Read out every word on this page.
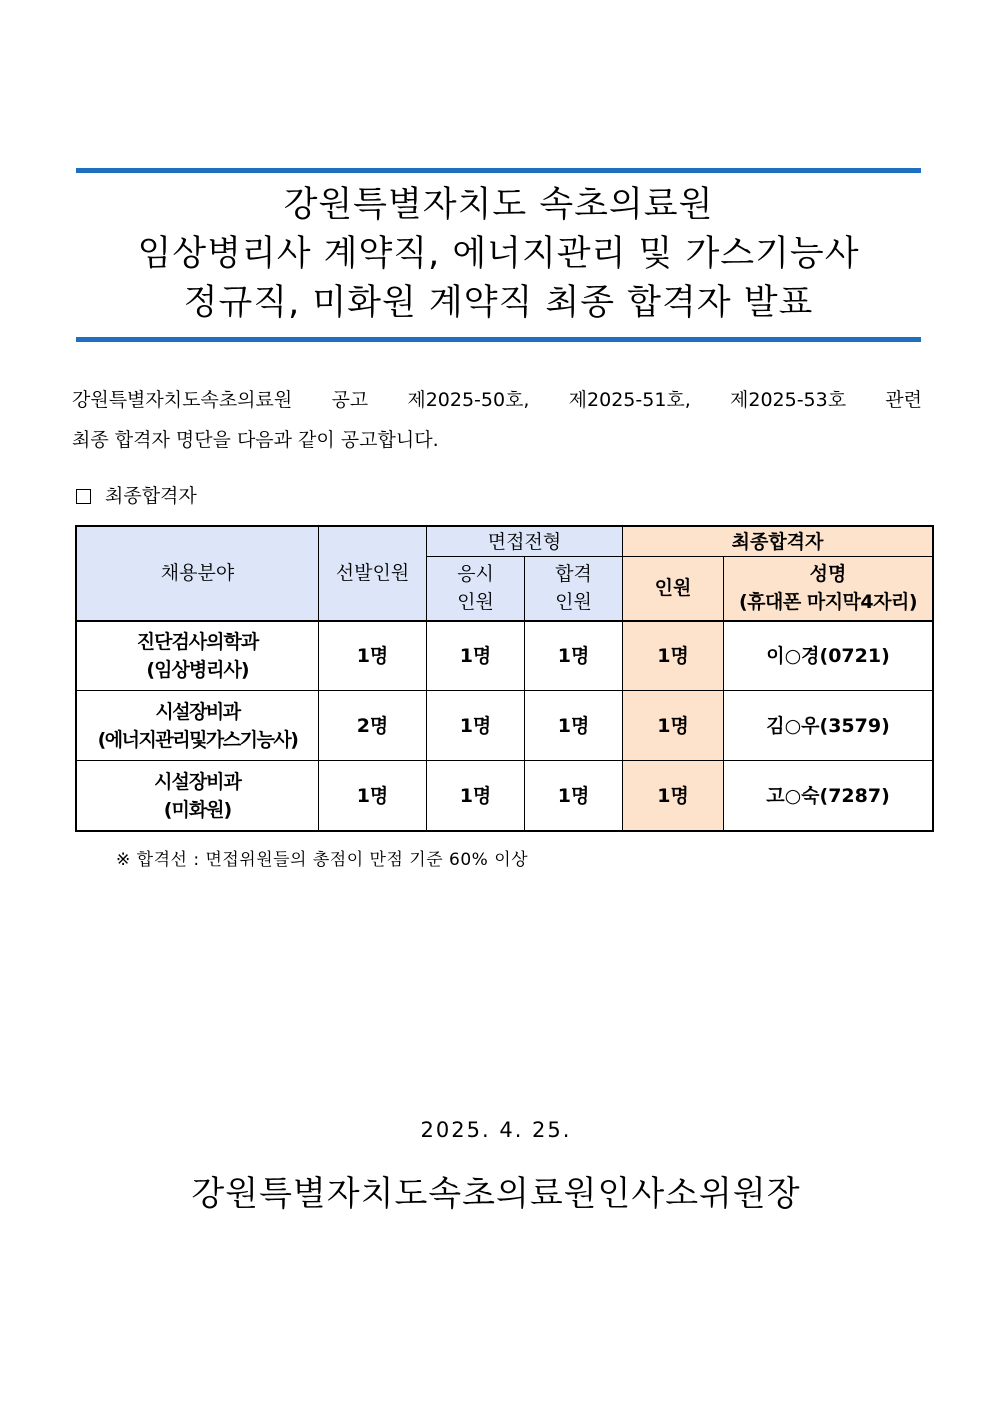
강원특별자치도 속초의료원
임상병리사 계약직, 에너지관리 및 가스기능사
정규직, 미화원 계약직 최종 합격자 발표
강원특별자치도속초의료원 공고 제2025-50호, 제2025-51호, 제2025-53호 관련
최종 합격자 명단을 다음과 같이 공고합니다.
최종합격자
채용분야	선발인원	면접전형		최종합격자	
		응시 인원	합격 인원	인원	성명
(휴대폰 마지막4자리)

진단검사의학과
(임상병리사)	1명	1명	1명	1명	이○경(0721)

시설장비과
(에너지관리및가스기능사)	2명	1명	1명	1명	김○우(3579)

시설장비과
(미화원)	1명	1명	1명	1명	고○숙(7287)
※ 합격선 : 면접위원들의 총점이 만점 기준 60% 이상
2025. 4. 25.
강원특별자치도속초의료원인사소위원장
